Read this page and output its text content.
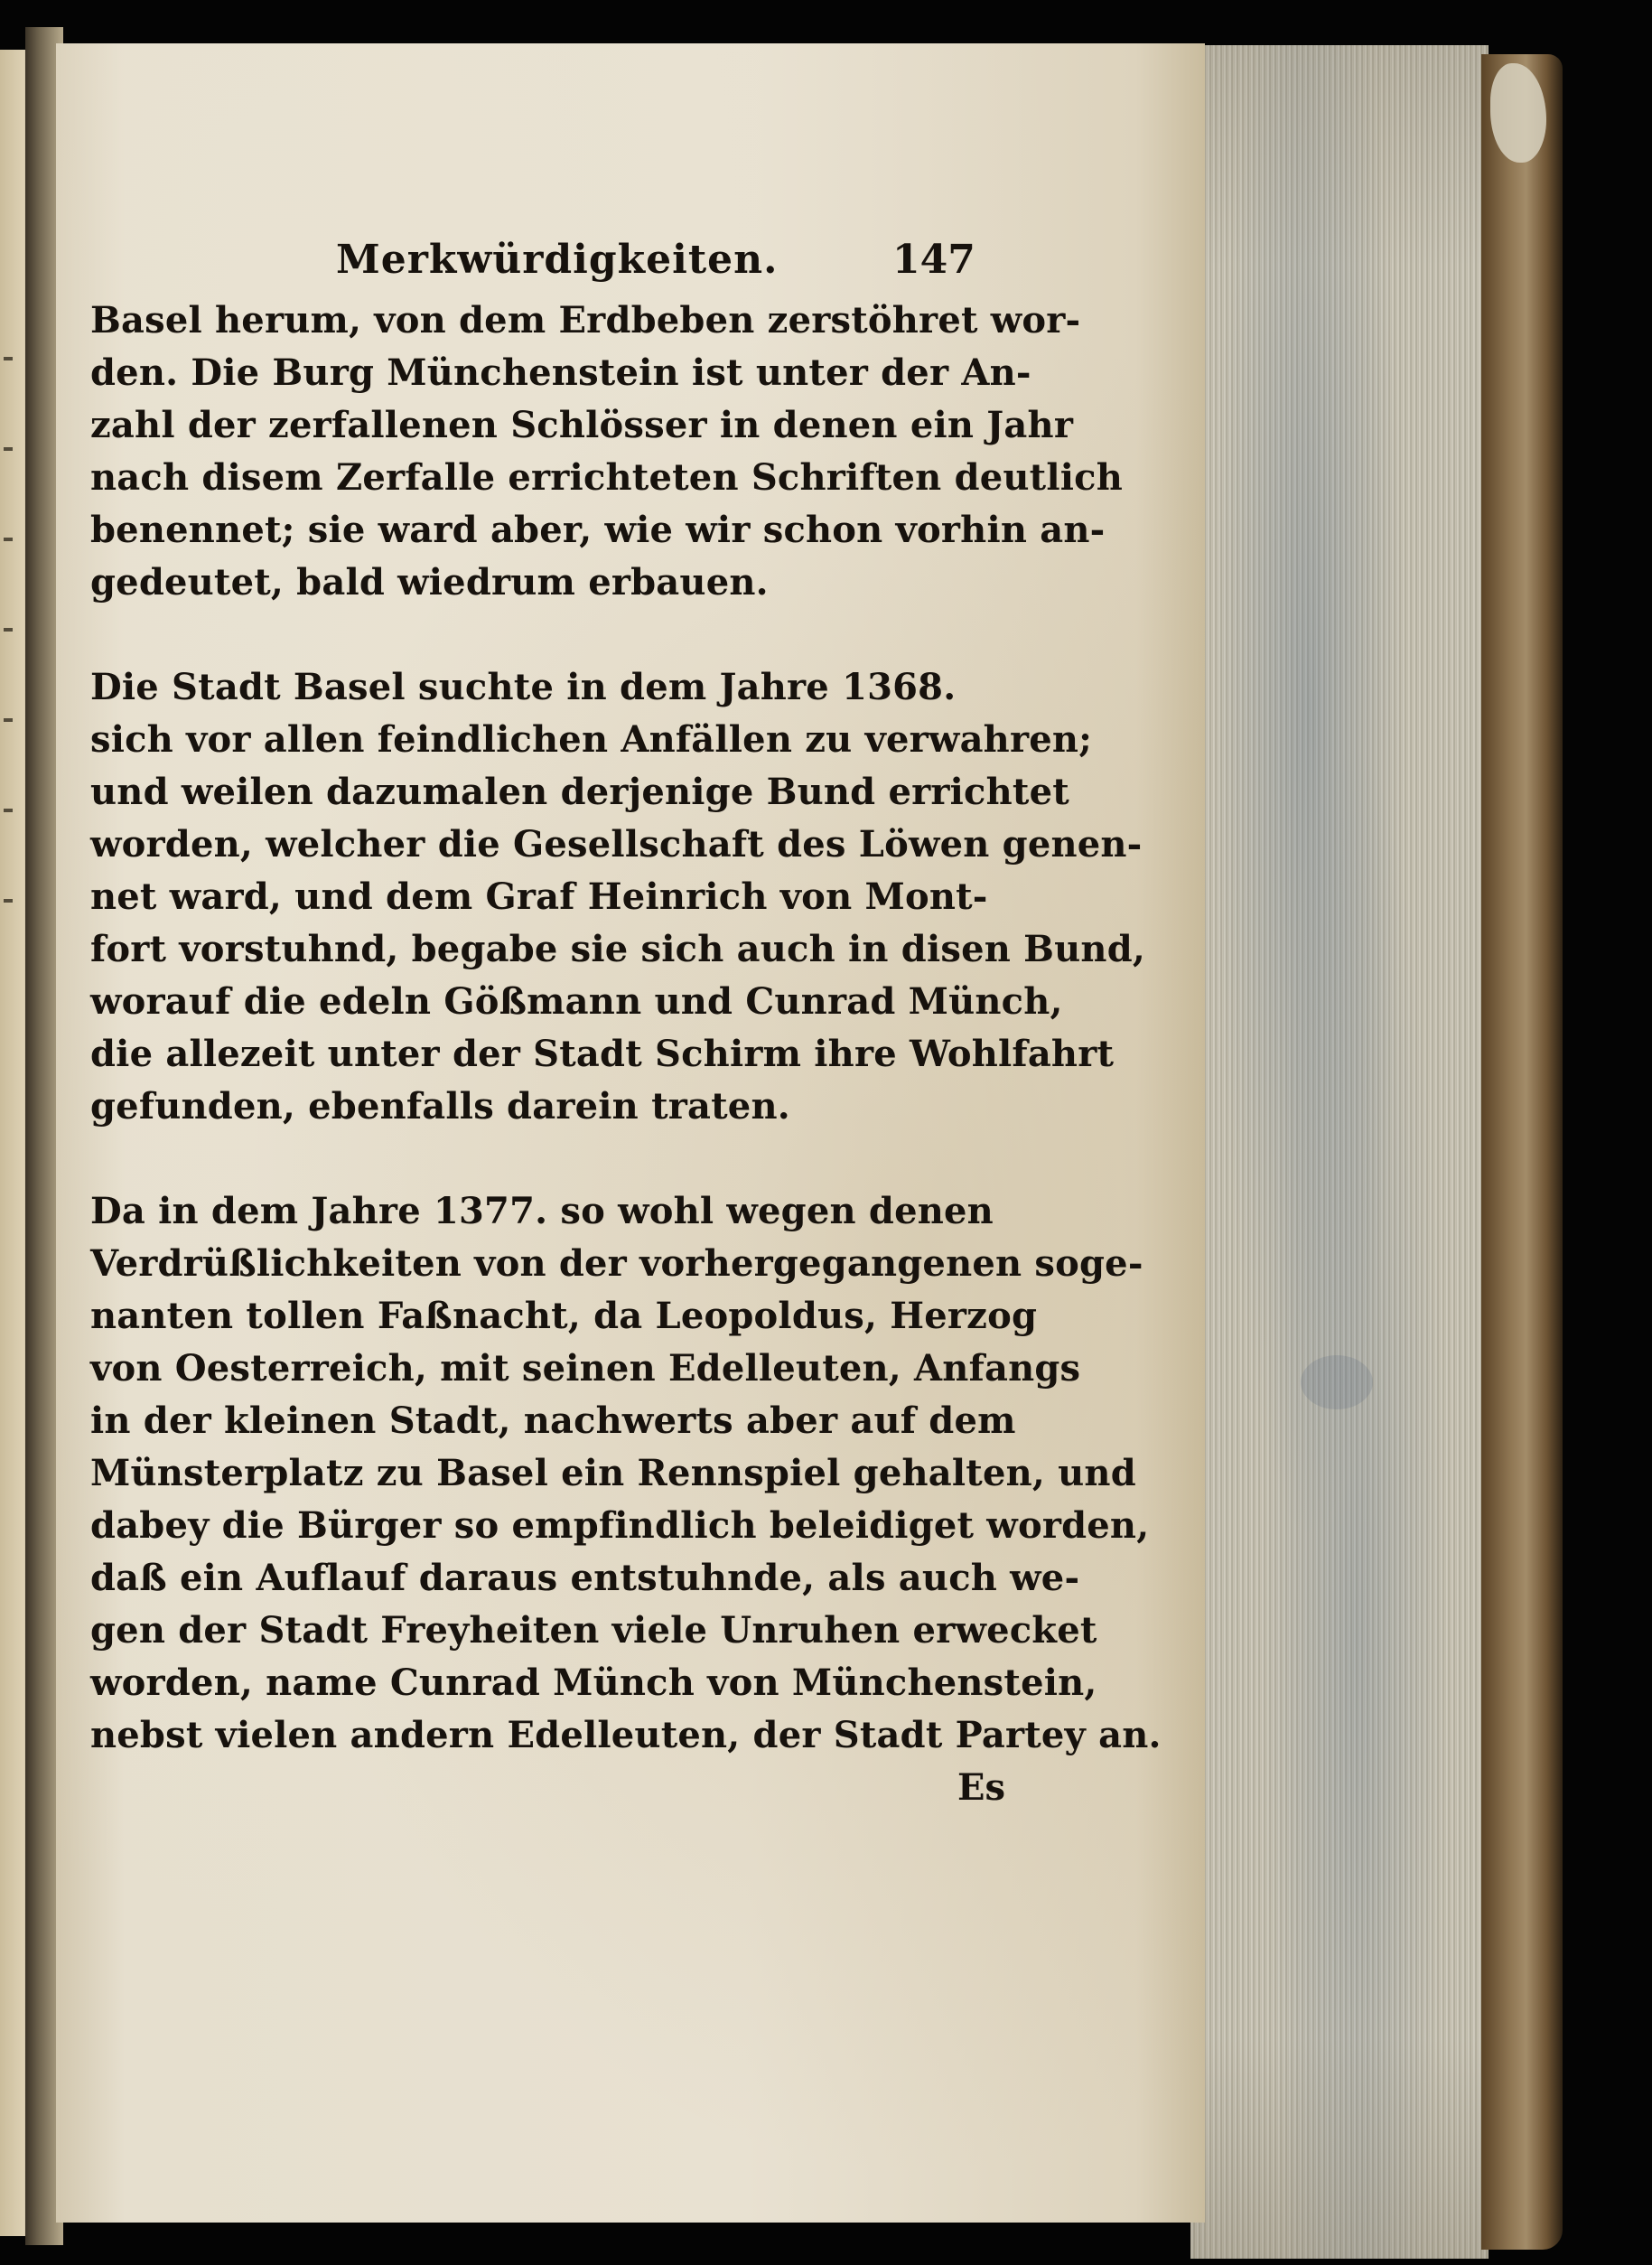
Merkwürdigkeiten.	147
Basel herum, von dem Erdbeben zerstöhret wor-
den. Die Burg Münchenstein ist unter der An-
zahl der zerfallenen Schlösser in denen ein Jahr
nach disem Zerfalle errichteten Schriften deutlich
benennet; sie ward aber, wie wir schon vorhin an-
gedeutet, bald wiedrum erbauen.
Die Stadt Basel suchte in dem Jahre 1368.
sich vor allen feindlichen Anfällen zu verwahren;
und weilen dazumalen derjenige Bund errichtet
worden, welcher die Gesellschaft des Löwen genen-
net ward, und dem Graf Heinrich von Mont-
fort vorstuhnd, begabe sie sich auch in disen Bund,
worauf die edeln Gößmann und Cunrad Münch,
die allezeit unter der Stadt Schirm ihre Wohlfahrt
gefunden, ebenfalls darein traten.
Da in dem Jahre 1377. so wohl wegen denen
Verdrüßlichkeiten von der vorhergegangenen soge-
nanten tollen Faßnacht, da Leopoldus, Herzog
von Oesterreich, mit seinen Edelleuten, Anfangs
in der kleinen Stadt, nachwerts aber auf dem
Münsterplatz zu Basel ein Rennspiel gehalten, und
dabey die Bürger so empfindlich beleidiget worden,
daß ein Auflauf daraus entstuhnde, als auch we-
gen der Stadt Freyheiten viele Unruhen erwecket
worden, name Cunrad Münch von Münchenstein,
nebst vielen andern Edelleuten, der Stadt Partey an.
Es
